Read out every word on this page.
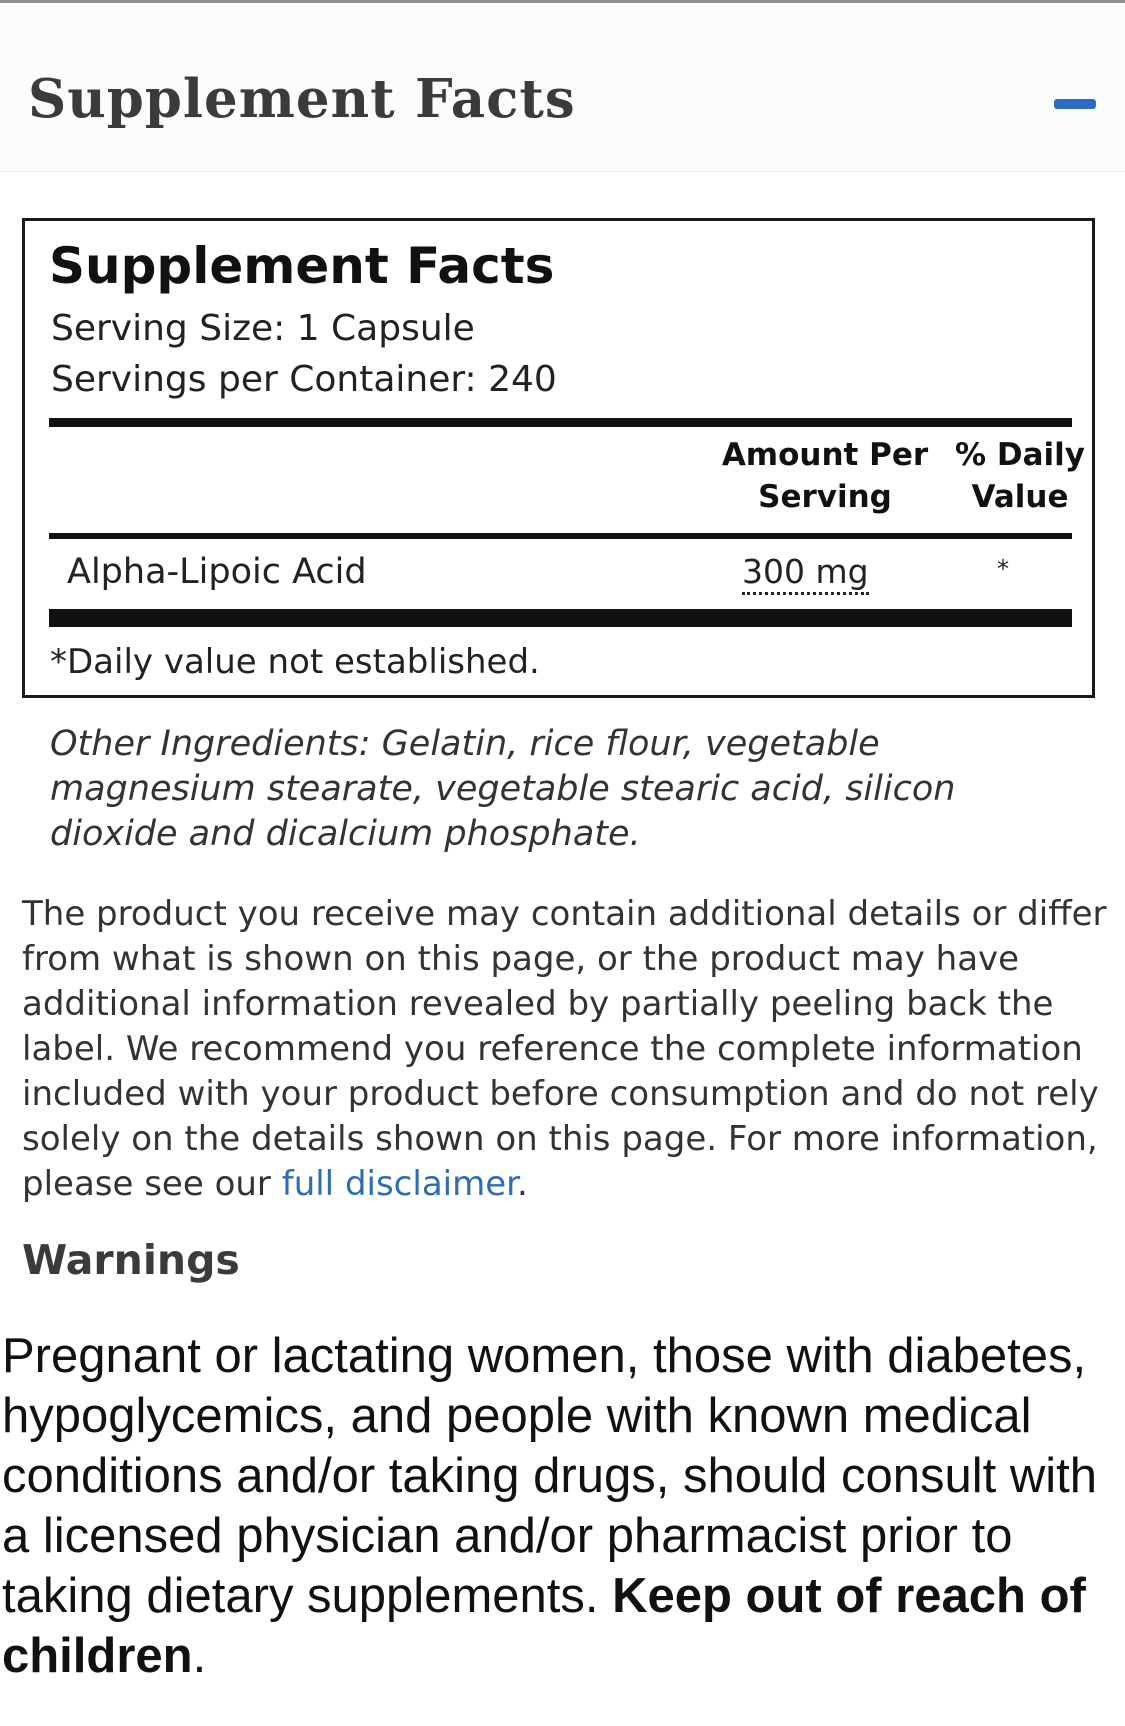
Supplement Facts
Supplement Facts
Serving Size: 1 Capsule
Servings per Container: 240
Amount Per
Serving
% Daily
Value
Alpha-Lipoic Acid	300 mg	*
*Daily value not established.

Other Ingredients: Gelatin, rice flour, vegetable magnesium stearate, vegetable stearic acid, silicon dioxide and dicalcium phosphate.

The product you receive may contain additional details or differ from what is shown on this page, or the product may have additional information revealed by partially peeling back the label. We recommend you reference the complete information included with your product before consumption and do not rely solely on the details shown on this page. For more information, please see our full disclaimer.

Warnings

Pregnant or lactating women, those with diabetes, hypoglycemics, and people with known medical conditions and/or taking drugs, should consult with a licensed physician and/or pharmacist prior to taking dietary supplements. Keep out of reach of children.
